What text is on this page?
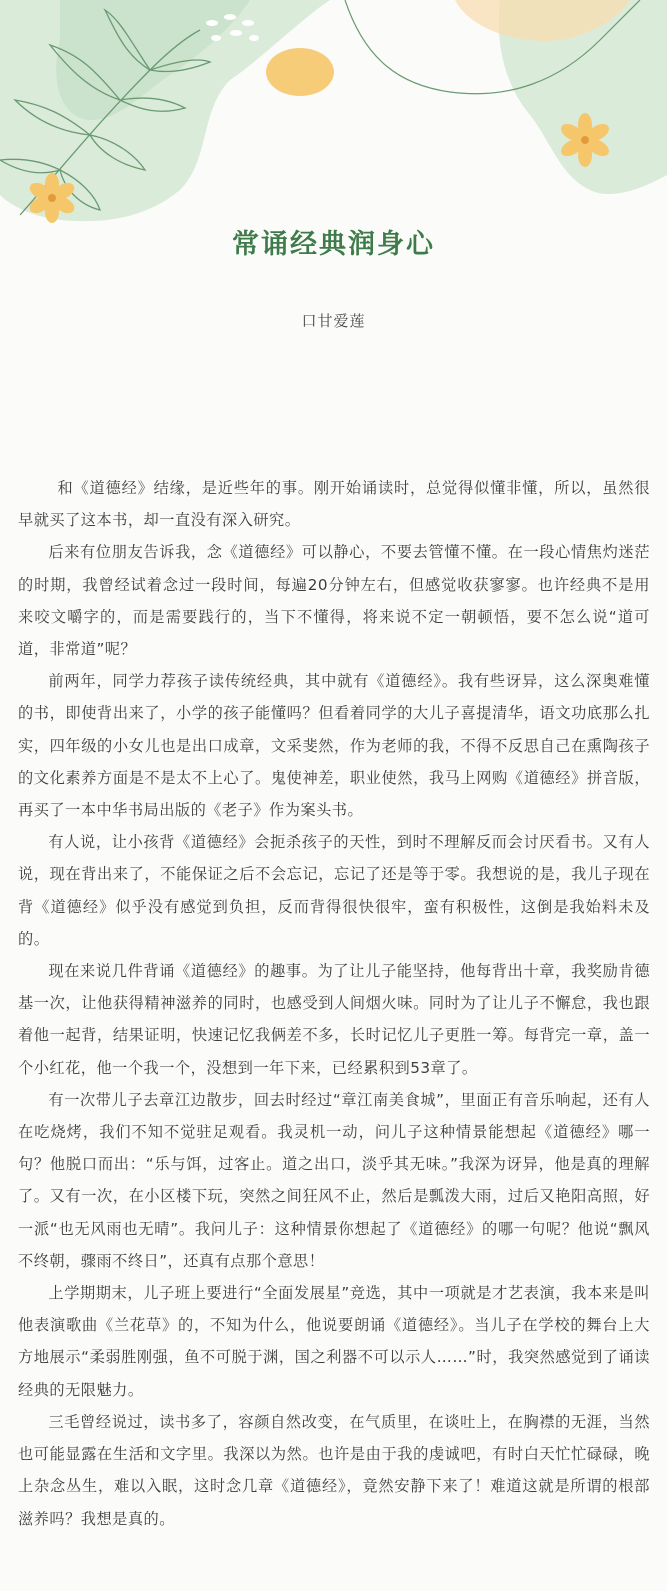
常诵经典润身心
口甘爱莲

和《道德经》结缘，是近些年的事。刚开始诵读时，总觉得似懂非懂，所以，虽然很早就买了这本书，却一直没有深入研究。

后来有位朋友告诉我，念《道德经》可以静心，不要去管懂不懂。在一段心情焦灼迷茫的时期，我曾经试着念过一段时间，每遍20分钟左右，但感觉收获寥寥。也许经典不是用来咬文嚼字的，而是需要践行的，当下不懂得，将来说不定一朝顿悟，要不怎么说“道可道，非常道”呢？

前两年，同学力荐孩子读传统经典，其中就有《道德经》。我有些讶异，这么深奥难懂的书，即使背出来了，小学的孩子能懂吗？但看着同学的大儿子喜提清华，语文功底那么扎实，四年级的小女儿也是出口成章，文采斐然，作为老师的我，不得不反思自己在熏陶孩子的文化素养方面是不是太不上心了。鬼使神差，职业使然，我马上网购《道德经》拼音版，再买了一本中华书局出版的《老子》作为案头书。

有人说，让小孩背《道德经》会扼杀孩子的天性，到时不理解反而会讨厌看书。又有人说，现在背出来了，不能保证之后不会忘记，忘记了还是等于零。我想说的是，我儿子现在背《道德经》似乎没有感觉到负担，反而背得很快很牢，蛮有积极性，这倒是我始料未及的。

现在来说几件背诵《道德经》的趣事。为了让儿子能坚持，他每背出十章，我奖励肯德基一次，让他获得精神滋养的同时，也感受到人间烟火味。同时为了让儿子不懈怠，我也跟着他一起背，结果证明，快速记忆我俩差不多，长时记忆儿子更胜一筹。每背完一章，盖一个小红花，他一个我一个，没想到一年下来，已经累积到53章了。

有一次带儿子去章江边散步，回去时经过“章江南美食城”，里面正有音乐响起，还有人在吃烧烤，我们不知不觉驻足观看。我灵机一动，问儿子这种情景能想起《道德经》哪一句？他脱口而出：“乐与饵，过客止。道之出口，淡乎其无味。”我深为讶异，他是真的理解了。又有一次，在小区楼下玩，突然之间狂风不止，然后是瓢泼大雨，过后又艳阳高照，好一派“也无风雨也无晴”。我问儿子：这种情景你想起了《道德经》的哪一句呢？他说“飘风不终朝，骤雨不终日”，还真有点那个意思！

上学期期末，儿子班上要进行“全面发展星”竞选，其中一项就是才艺表演，我本来是叫他表演歌曲《兰花草》的，不知为什么，他说要朗诵《道德经》。当儿子在学校的舞台上大方地展示“柔弱胜刚强，鱼不可脱于渊，国之利器不可以示人……”时，我突然感觉到了诵读经典的无限魅力。

三毛曾经说过，读书多了，容颜自然改变，在气质里，在谈吐上，在胸襟的无涯，当然也可能显露在生活和文字里。我深以为然。也许是由于我的虔诚吧，有时白天忙忙碌碌，晚上杂念丛生，难以入眠，这时念几章《道德经》，竟然安静下来了！难道这就是所谓的根部滋养吗？我想是真的。
